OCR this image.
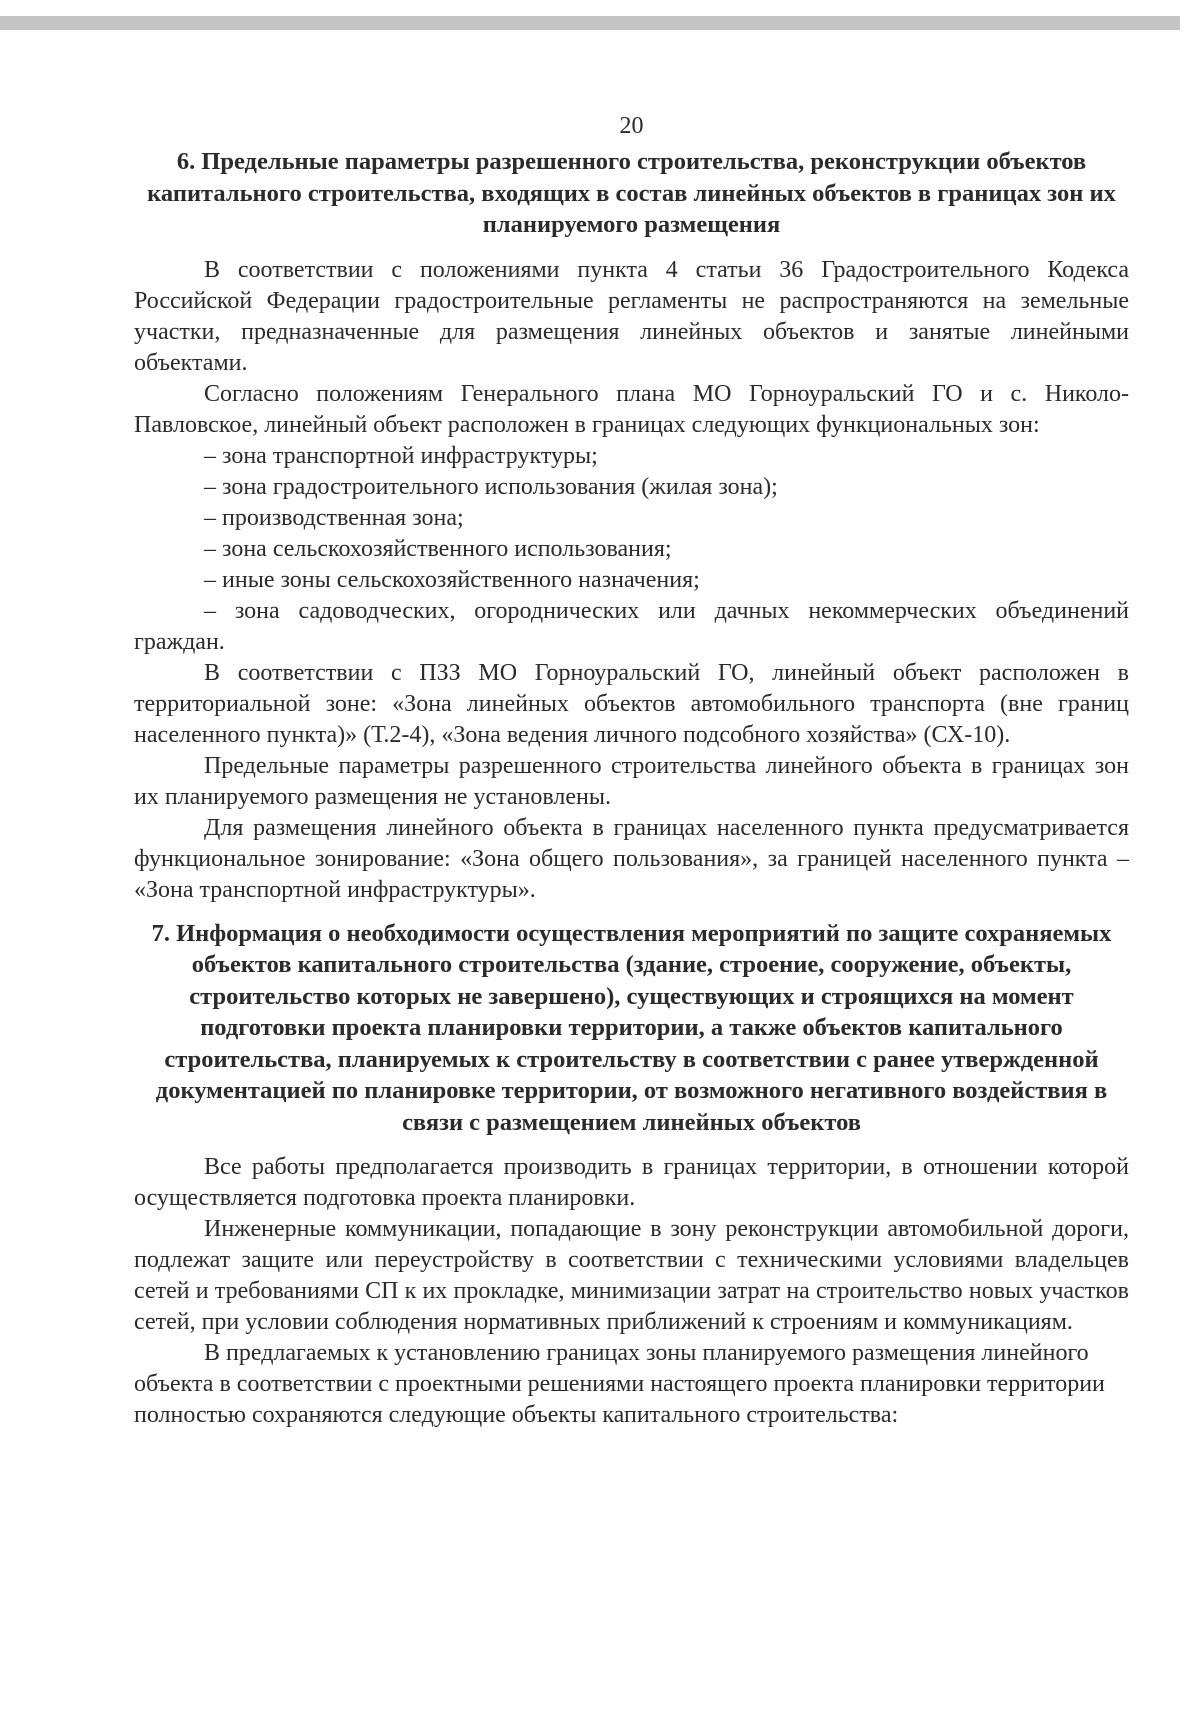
20
6. Предельные параметры разрешенного строительства, реконструкции объектов капитального строительства, входящих в состав линейных объектов в границах зон их планируемого размещения

В соответствии с положениями пункта 4 статьи 36 Градостроительного Кодекса Российской Федерации градостроительные регламенты не распространяются на земельные участки, предназначенные для размещения линейных объектов и занятые линейными объектами.

Согласно положениям Генерального плана МО Горноуральский ГО и с. Николо-Павловское, линейный объект расположен в границах следующих функциональных зон:

– зона транспортной инфраструктуры;
– зона градостроительного использования (жилая зона);
– производственная зона;
– зона сельскохозяйственного использования;
– иные зоны сельскохозяйственного назначения;
– зона садоводческих, огороднических или дачных некоммерческих объединений граждан.

В соответствии с ПЗЗ МО Горноуральский ГО, линейный объект расположен в территориальной зоне: «Зона линейных объектов автомобильного транспорта (вне границ населенного пункта)» (Т.2-4), «Зона ведения личного подсобного хозяйства» (СХ-10).

Предельные параметры разрешенного строительства линейного объекта в границах зон их планируемого размещения не установлены.

Для размещения линейного объекта в границах населенного пункта предусматривается функциональное зонирование: «Зона общего пользования», за границей населенного пункта – «Зона транспортной инфраструктуры».

7. Информация о необходимости осуществления мероприятий по защите сохраняемых объектов капитального строительства (здание, строение, сооружение, объекты, строительство которых не завершено), существующих и строящихся на момент подготовки проекта планировки территории, а также объектов капитального строительства, планируемых к строительству в соответствии с ранее утвержденной документацией по планировке территории, от возможного негативного воздействия в связи с размещением линейных объектов

Все работы предполагается производить в границах территории, в отношении которой осуществляется подготовка проекта планировки.

Инженерные коммуникации, попадающие в зону реконструкции автомобильной дороги, подлежат защите или переустройству в соответствии с техническими условиями владельцев сетей и требованиями СП к их прокладке, минимизации затрат на строительство новых участков сетей, при условии соблюдения нормативных приближений к строениям и коммуникациям.

В предлагаемых к установлению границах зоны планируемого размещения линейного объекта в соответствии с проектными решениями настоящего проекта планировки территории полностью сохраняются следующие объекты капитального строительства:
